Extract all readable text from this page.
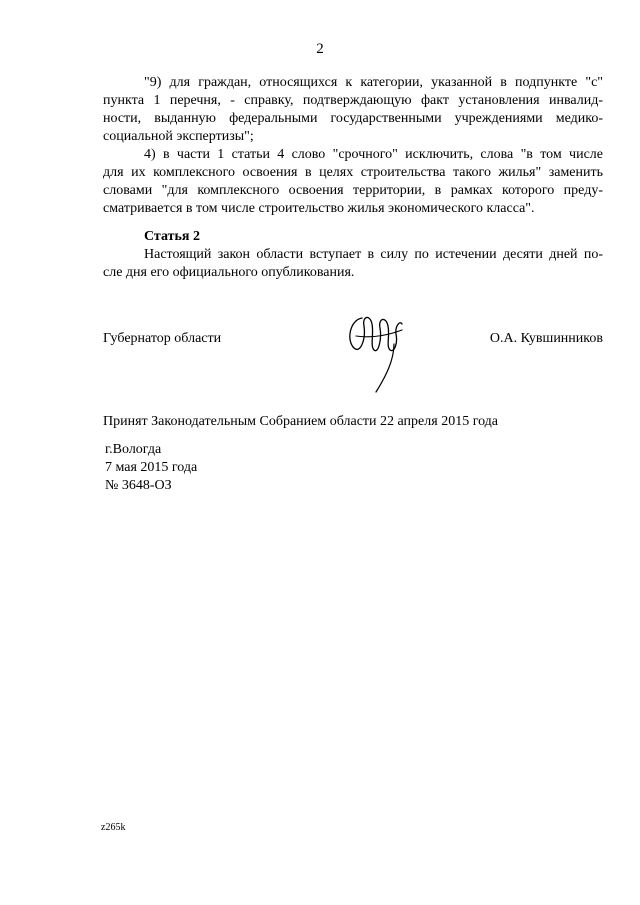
2
"9) для граждан, относящихся к категории, указанной в подпункте "с"
пункта 1 перечня, - справку, подтверждающую факт установления инвалид-
ности, выданную федеральными государственными учреждениями медико-
социальной экспертизы";
4) в части 1 статьи 4 слово "срочного" исключить, слова "в том числе
для их комплексного освоения в целях строительства такого жилья" заменить
словами "для комплексного освоения территории, в рамках которого преду-
сматривается в том числе строительство жилья экономического класса".
Статья 2
Настоящий закон области вступает в силу по истечении десяти дней по-
сле дня его официального опубликования.
Губернатор области	О.А. Кувшинников
Принят Законодательным Собранием области 22 апреля 2015 года
г.Вологда
7 мая 2015 года
№ 3648-ОЗ
z265k
